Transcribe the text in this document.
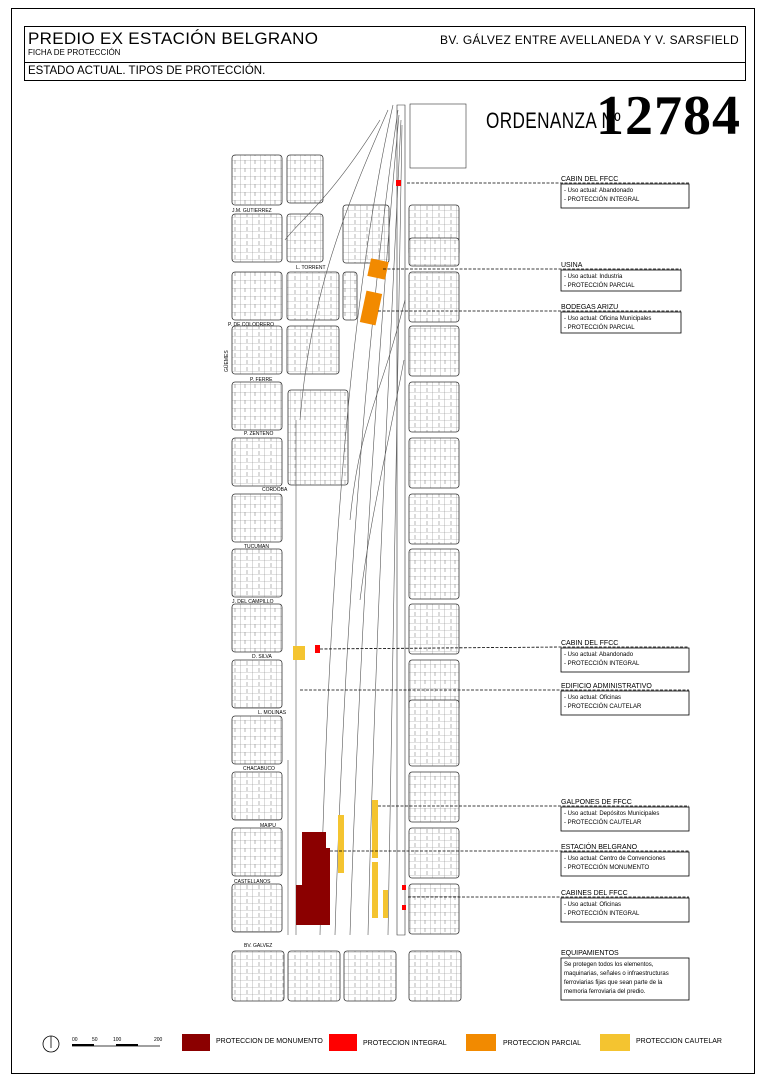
PREDIO EX ESTACIÓN BELGRANO
FICHA DE PROTECCIÓN
BV. GÁLVEZ ENTRE AVELLANEDA Y V. SARSFIELD
ESTADO ACTUAL. TIPOS DE PROTECCIÓN.
ORDENANZA Nº
12784
J.M. GUTIERREZ
L. TORRENT
P. DE COLODRERO
GÜEMES
P. FERRE
P. ZENTENO
CORDOBA
TUCUMAN
J. DEL CAMPILLO
D. SILVA
L. MOLINAS
CHACABUCO
MAIPU
CASTELLANOS
BV. GALVEZ
CABIN DEL FFCC
- Uso actual: Abandonado
- PROTECCIÓN INTEGRAL
USINA
- Uso actual: Industria
- PROTECCIÓN PARCIAL
BODEGAS ARIZU
- Uso actual: Oficina Municipales
- PROTECCIÓN PARCIAL
CABIN DEL FFCC
- Uso actual: Abandonado
- PROTECCIÓN INTEGRAL
EDIFICIO ADMINISTRATIVO
- Uso actual: Oficinas
- PROTECCIÓN CAUTELAR
GALPONES DE FFCC
- Uso actual: Depósitos Municipales
- PROTECCIÓN CAUTELAR
ESTACIÓN BELGRANO
- Uso actual: Centro de Convenciones
- PROTECCIÓN MONUMENTO
CABINES DEL FFCC
- Uso actual: Oficinas
- PROTECCIÓN INTEGRAL
EQUIPAMIENTOS
Se protegen todos los elementos,
maquinarias, señales o infraestructuras
ferroviarias fijas que sean parte de la
memoria ferroviaria del predio.
00	50	100	200	PROTECCION DE MONUMENTO	PROTECCION INTEGRAL	PROTECCION PARCIAL	PROTECCION CAUTELAR
